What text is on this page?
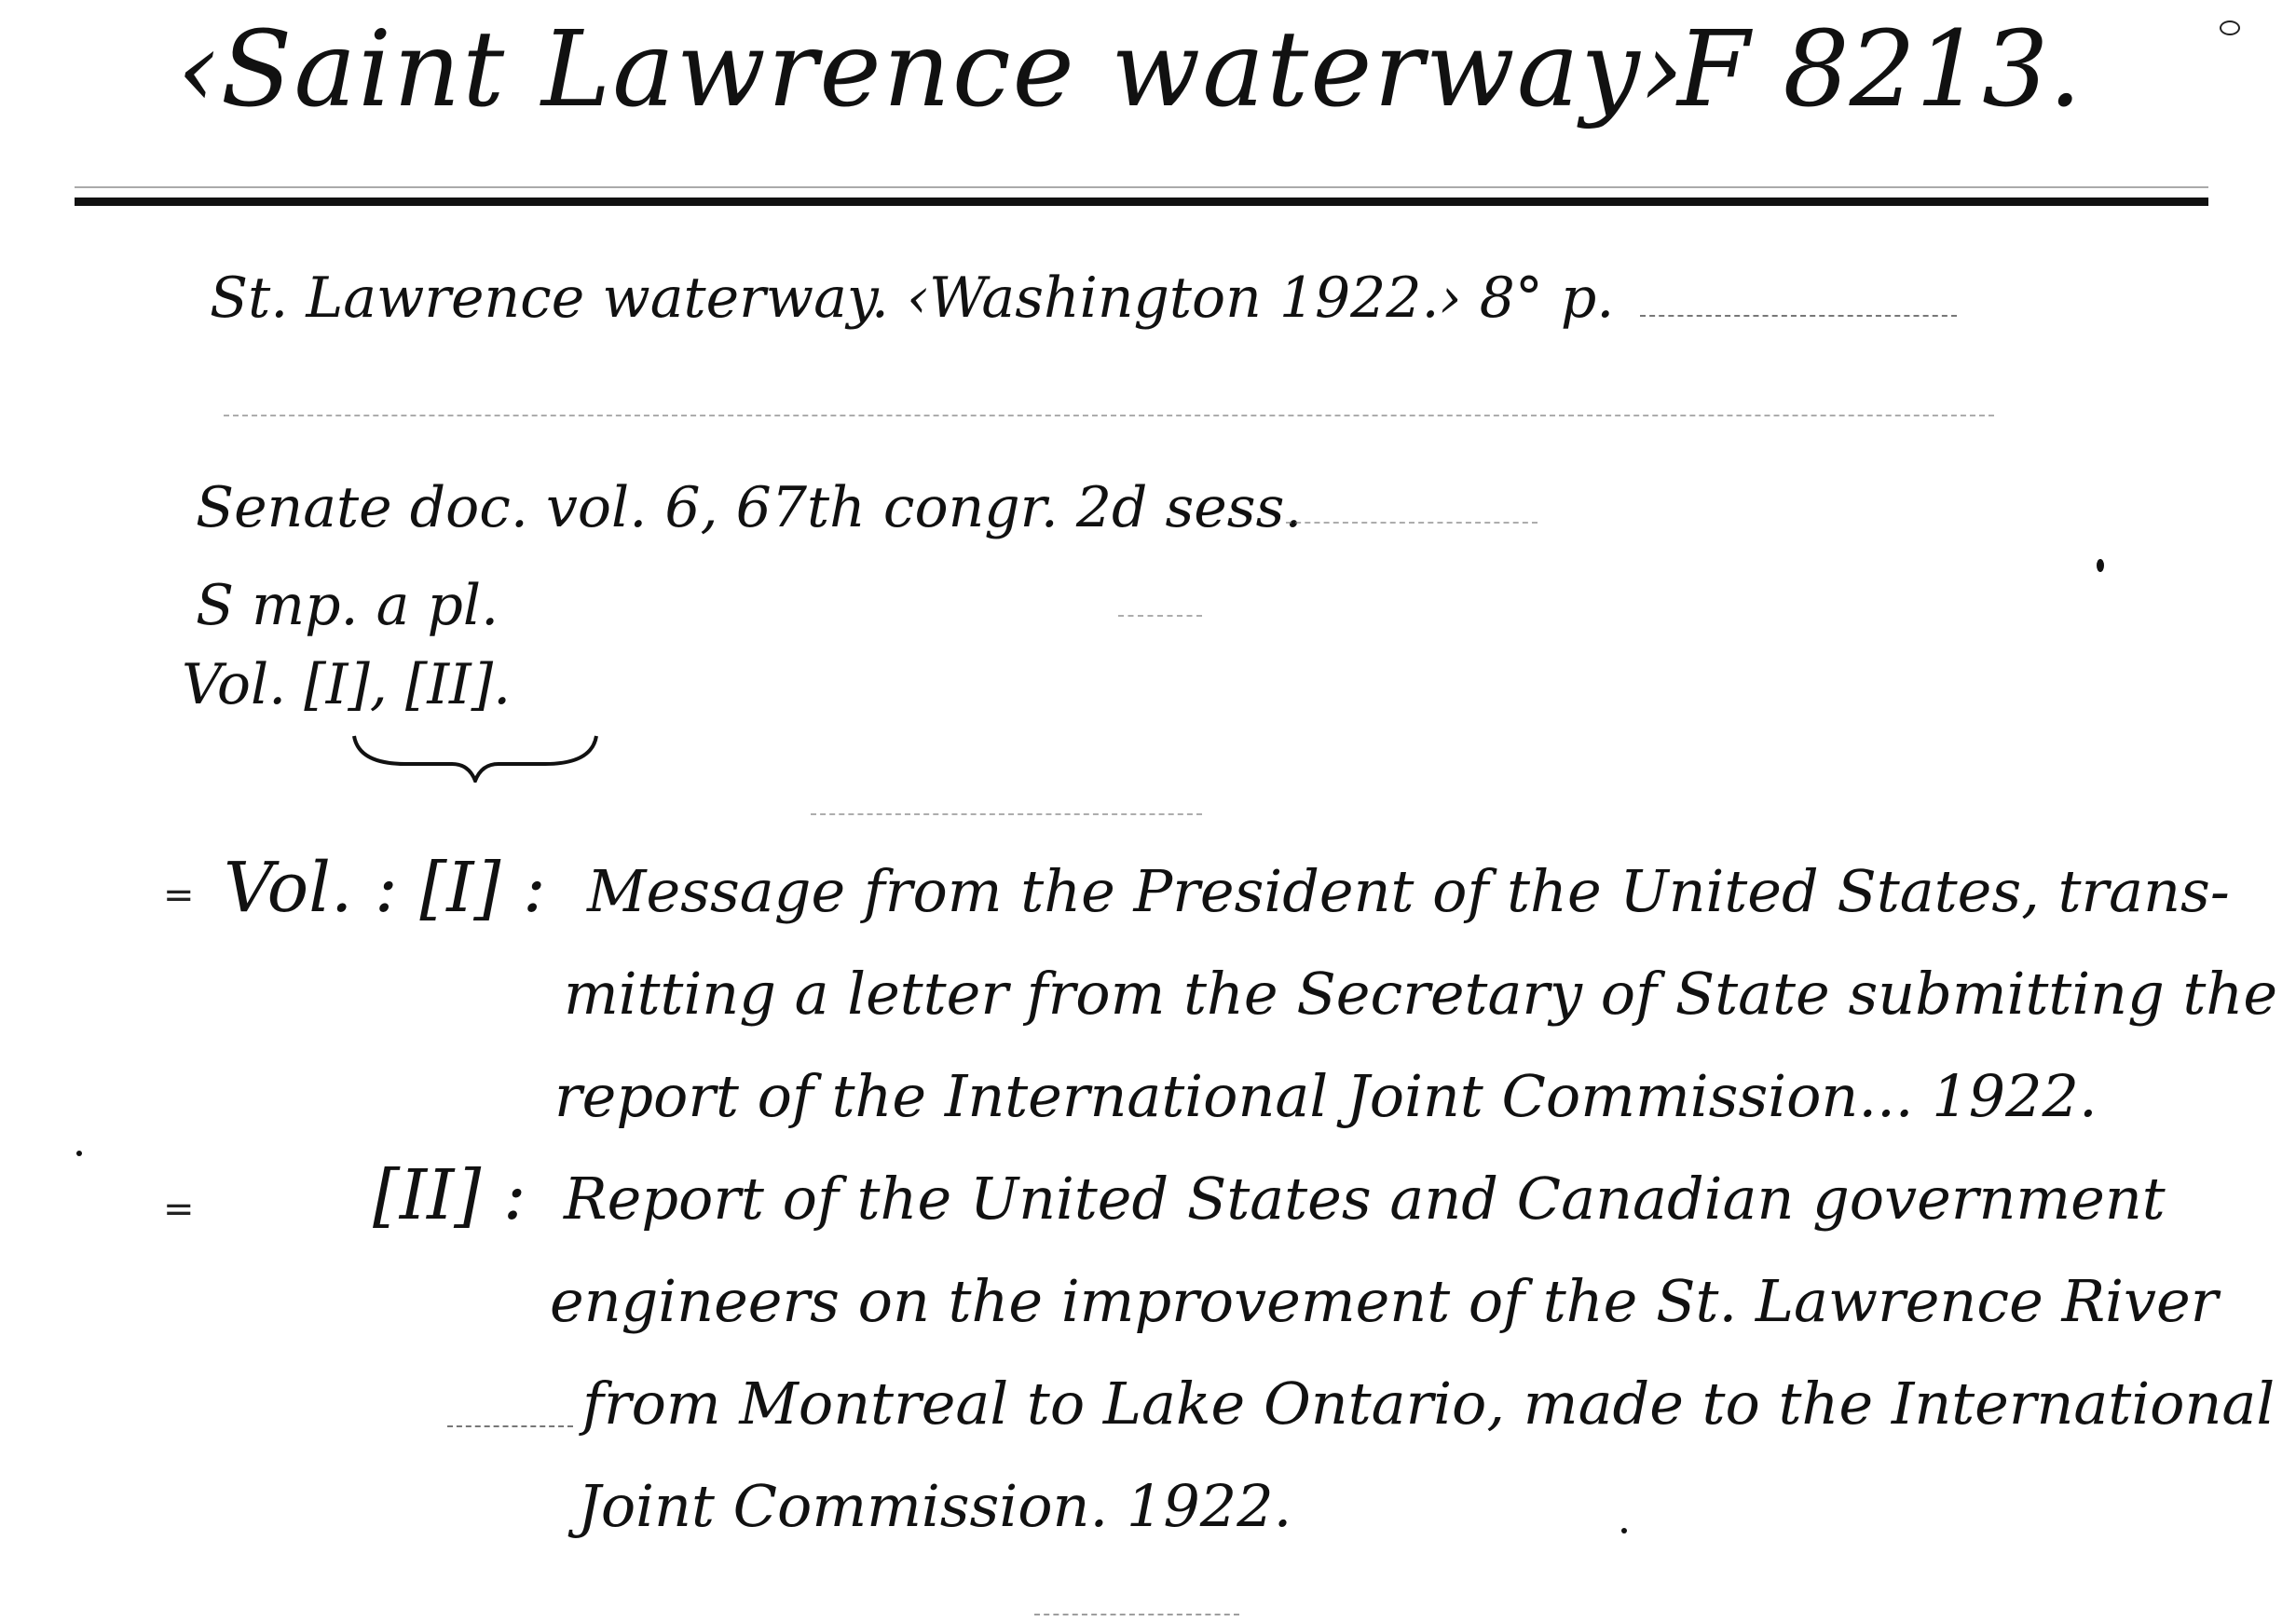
‹Saint Lawrence waterway›
F 8213.
St. Lawrence waterway. ‹Washington 1922.› 8° p.
Senate doc. vol. 6, 67th congr. 2d sess.
S mp. a pl.
Vol. [I], [II].
= Vol. : [I] : Message from the President of the United States, trans-
mitting a letter from the Secretary of State submitting the
report of the International Joint Commission... 1922.
=	[II] : Report of the United States and Canadian government
engineers on the improvement of the St. Lawrence River
from Montreal to Lake Ontario, made to the International
Joint Commission. 1922.
